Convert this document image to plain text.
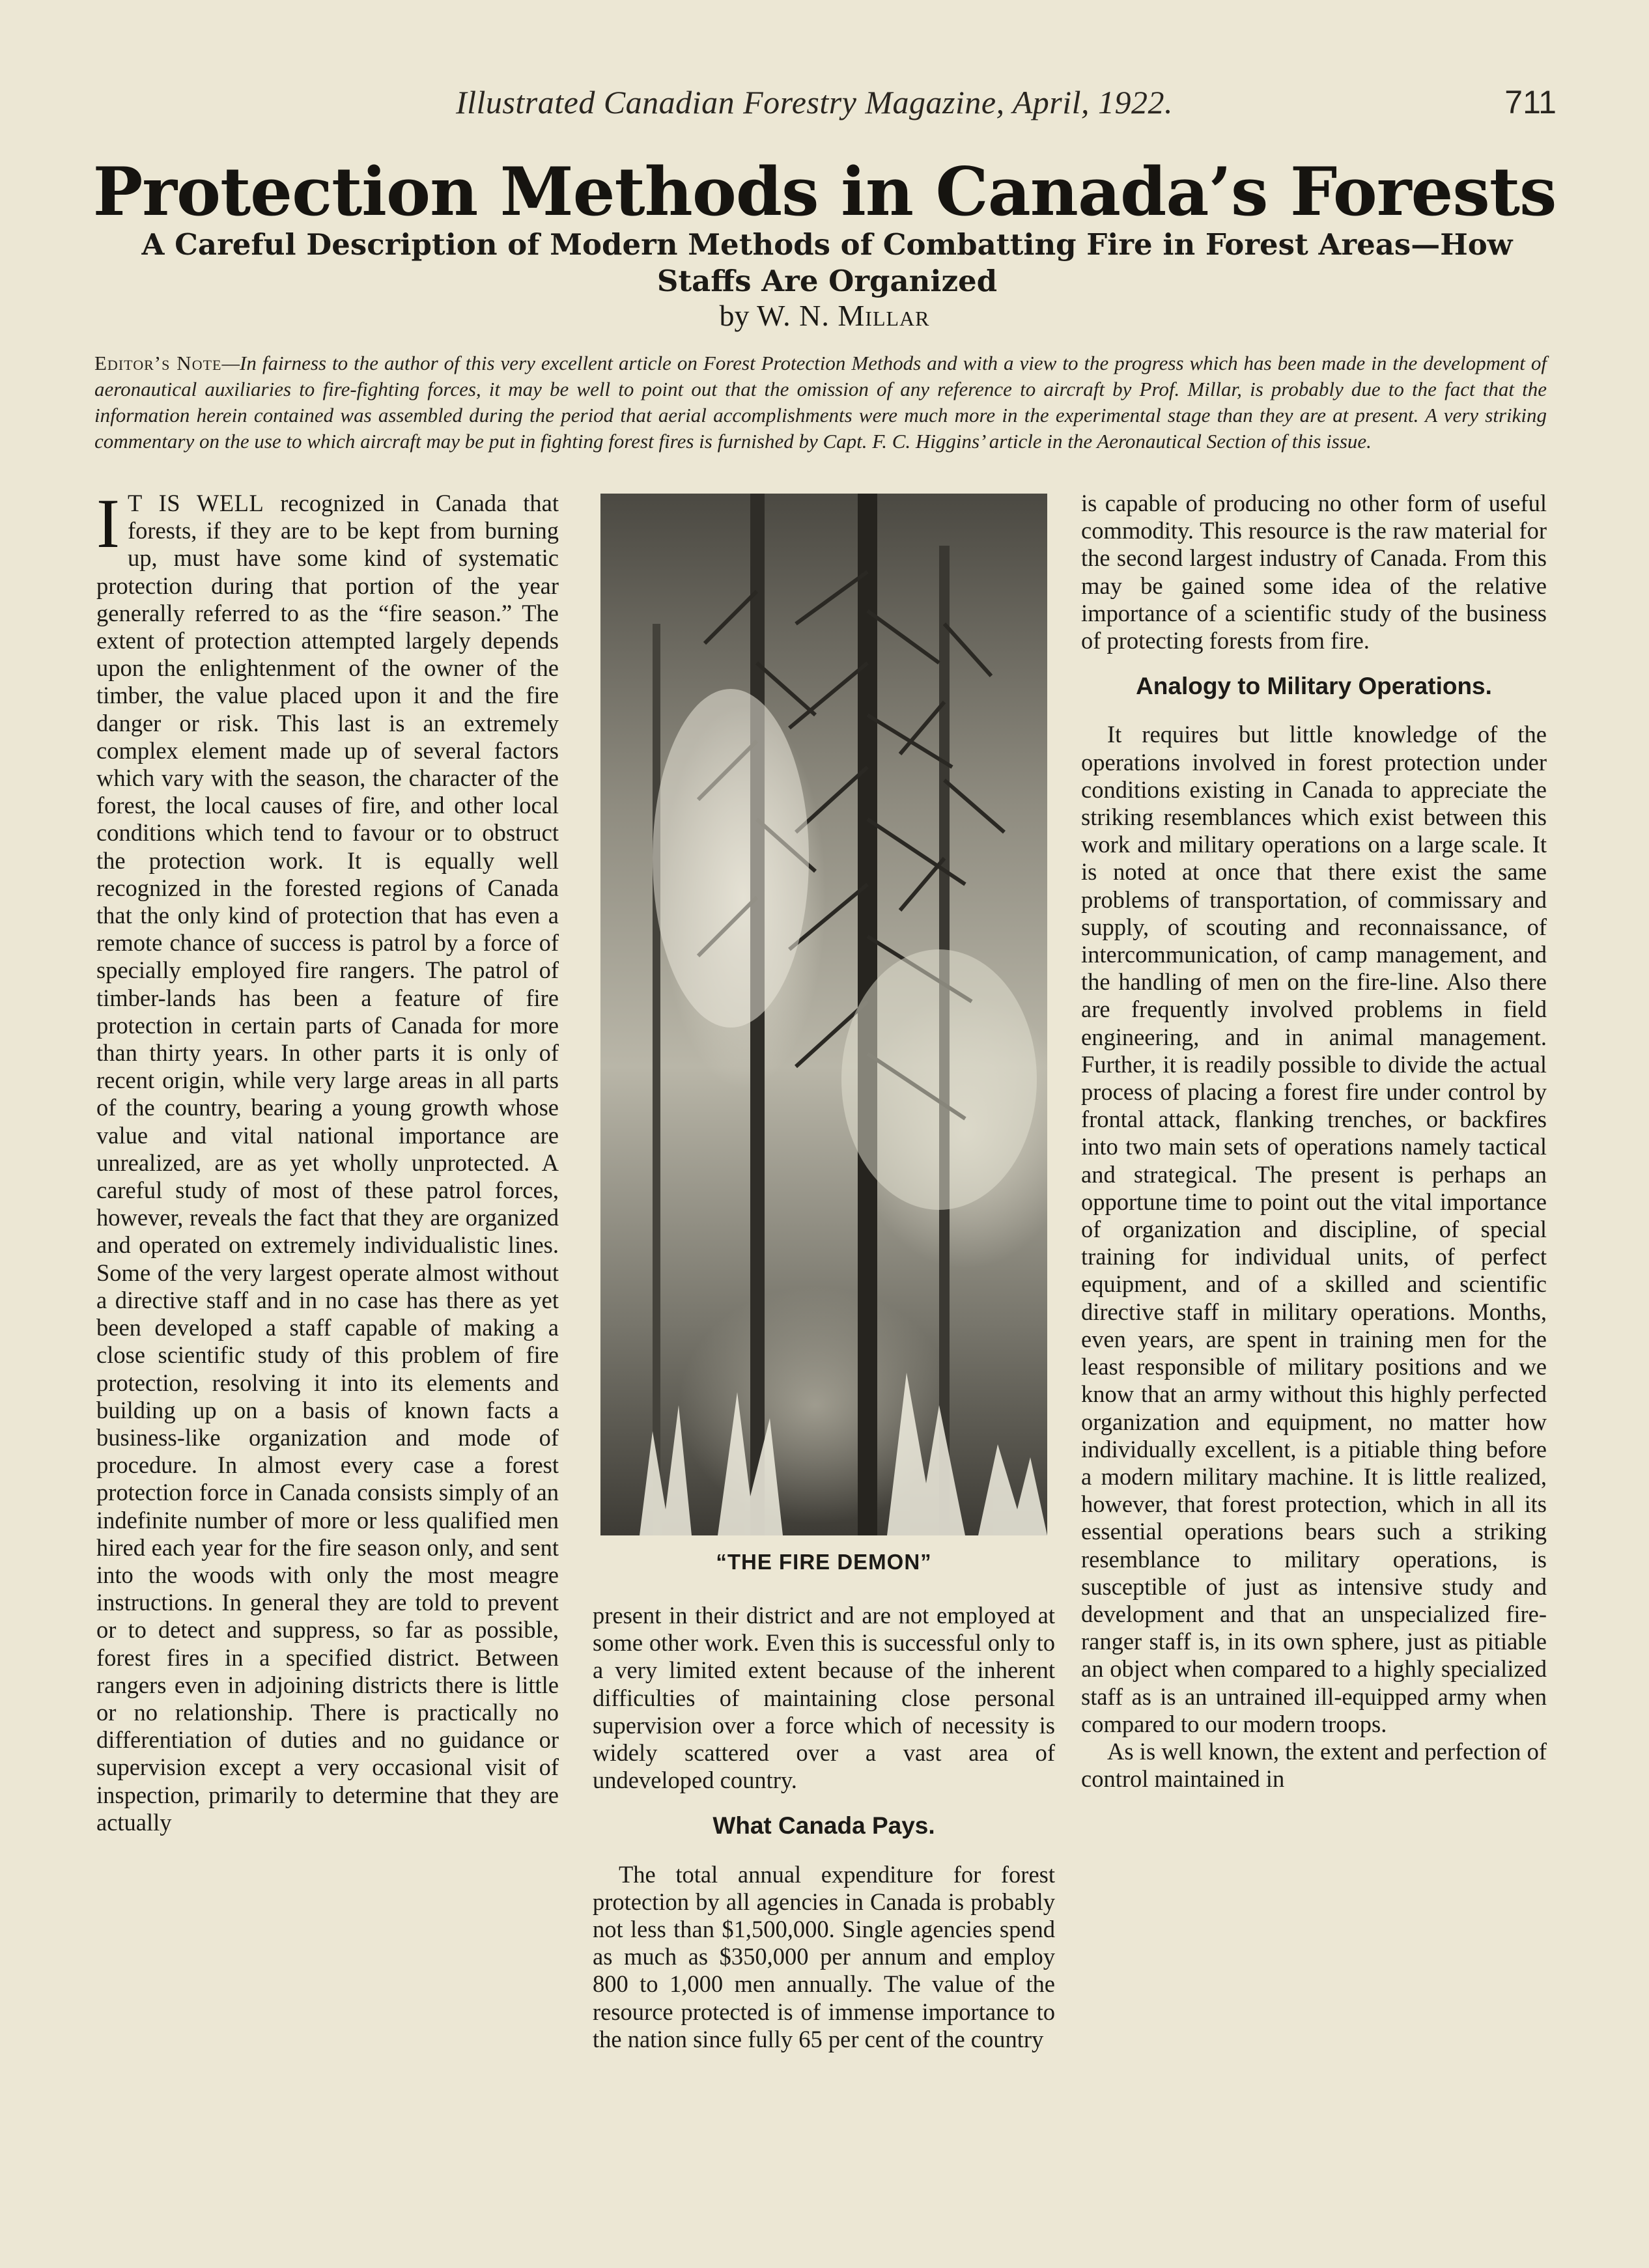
Illustrated Canadian Forestry Magazine, April, 1922.	711
Protection Methods in Canada’s Forests
A Careful Description of Modern Methods of Combatting Fire in Forest Areas—How Staffs Are Organized
by W. N. Millar
Editor’s Note—In fairness to the author of this very excellent article on Forest Protection Methods and with a view to the progress which has been made in the development of aeronautical auxiliaries to fire-fighting forces, it may be well to point out that the omission of any reference to aircraft by Prof. Millar, is probably due to the fact that the information herein contained was assembled during the period that aerial accomplishments were much more in the experimental stage than they are at present. A very striking commentary on the use to which aircraft may be put in fighting forest fires is furnished by Capt. F. C. Higgins’ article in the Aeronautical Section of this issue.

I T IS WELL recognized in Canada that forests, if they are to be kept from burning up, must have some kind of systematic protection during that portion of the year generally referred to as the “fire season.” The extent of protection attempted largely depends upon the enlightenment of the owner of the timber, the value placed upon it and the fire danger or risk. This last is an extremely complex element made up of several factors which vary with the season, the character of the forest, the local causes of fire, and other local conditions which tend to favour or to obstruct the protection work. It is equally well recognized in the forested regions of Canada that the only kind of protection that has even a remote chance of success is patrol by a force of specially employed fire rangers. The patrol of timber-lands has been a feature of fire protection in certain parts of Canada for more than thirty years. In other parts it is only of recent origin, while very large areas in all parts of the country, bearing a young growth whose value and vital national importance are unrealized, are as yet wholly unprotected. A careful study of most of these patrol forces, however, reveals the fact that they are organized and operated on extremely individualistic lines. Some of the very largest operate almost without a directive staff and in no case has there as yet been developed a staff capable of making a close scientific study of this problem of fire protection, resolving it into its elements and building up on a basis of known facts a business-like organization and mode of procedure. In almost every case a forest protection force in Canada consists simply of an indefinite number of more or less qualified men hired each year for the fire season only, and sent into the woods with only the most meagre instructions. In general they are told to prevent or to detect and suppress, so far as possible, forest fires in a specified district. Between rangers even in adjoining districts there is little or no relationship. There is practically no differentiation of duties and no guidance or supervision except a very occasional visit of inspection, primarily to determine that they are actually

“THE FIRE DEMON”

present in their district and are not employed at some other work. Even this is successful only to a very limited extent because of the inherent difficulties of maintaining close personal supervision over a force which of necessity is widely scattered over a vast area of undeveloped country.

What Canada Pays.

The total annual expenditure for forest protection by all agencies in Canada is probably not less than $1,500,000. Single agencies spend as much as $350,000 per annum and employ 800 to 1,000 men annually. The value of the resource protected is of immense importance to the nation since fully 65 per cent of the country

is capable of producing no other form of useful commodity. This resource is the raw material for the second largest industry of Canada. From this may be gained some idea of the relative importance of a scientific study of the business of protecting forests from fire.

Analogy to Military Operations.

It requires but little knowledge of the operations involved in forest protection under conditions existing in Canada to appreciate the striking resemblances which exist between this work and military operations on a large scale. It is noted at once that there exist the same problems of transportation, of commissary and supply, of scouting and reconnaissance, of intercommunication, of camp management, and the handling of men on the fire-line. Also there are frequently involved problems in field engineering, and in animal management. Further, it is readily possible to divide the actual process of placing a forest fire under control by frontal attack, flanking trenches, or backfires into two main sets of operations namely tactical and strategical. The present is perhaps an opportune time to point out the vital importance of organization and discipline, of special training for individual units, of perfect equipment, and of a skilled and scientific directive staff in military operations. Months, even years, are spent in training men for the least responsible of military positions and we know that an army without this highly perfected organization and equipment, no matter how individually excellent, is a pitiable thing before a modern military machine. It is little realized, however, that forest protection, which in all its essential operations bears such a striking resemblance to military operations, is susceptible of just as intensive study and development and that an unspecialized fire-ranger staff is, in its own sphere, just as pitiable an object when compared to a highly specialized staff as is an untrained ill-equipped army when compared to our modern troops.

As is well known, the extent and perfection of control maintained in
